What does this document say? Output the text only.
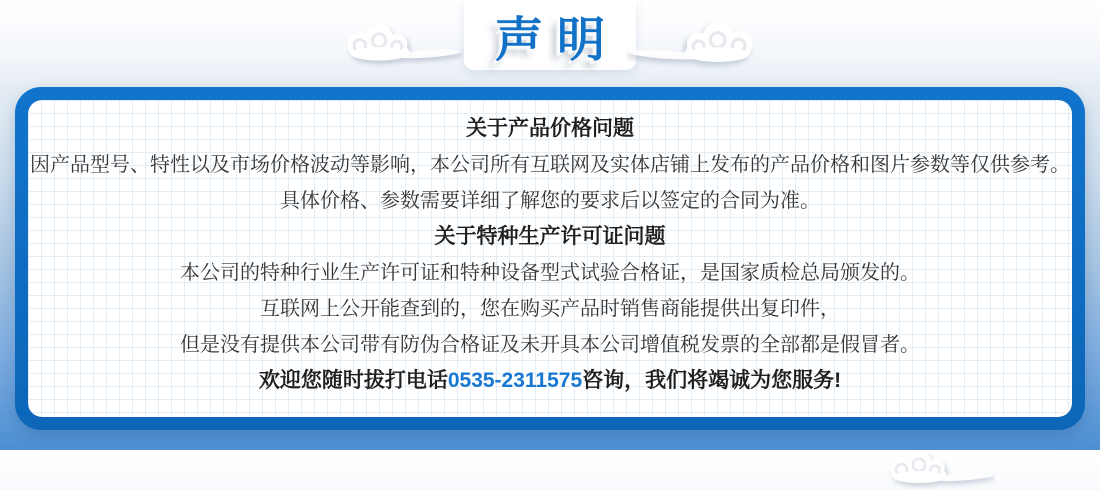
声明
关于产品价格问题
因产品型号、特性以及市场价格波动等影响，本公司所有互联网及实体店铺上发布的产品价格和图片参数等仅供参考。
具体价格、参数需要详细了解您的要求后以签定的合同为准。
关于特种生产许可证问题
本公司的特种行业生产许可证和特种设备型式试验合格证，是国家质检总局颁发的。
互联网上公开能查到的，您在购买产品时销售商能提供出复印件，
但是没有提供本公司带有防伪合格证及未开具本公司增值税发票的全部都是假冒者。
欢迎您随时拔打电话0535-2311575咨询，我们将竭诚为您服务!
